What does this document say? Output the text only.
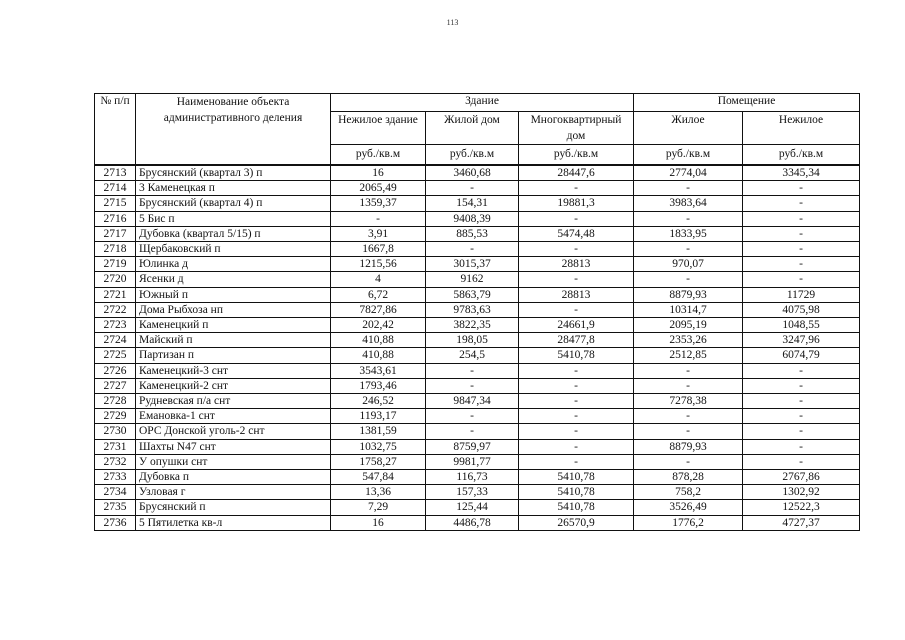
113
№ п/п	Наименование объекта административного деления	Здание			Помещение	
		Нежилое здание	Жилой дом	Многоквартирный дом	Жилое	Нежилое
		руб./кв.м	руб./кв.м	руб./кв.м	руб./кв.м	руб./кв.м
2713	Брусянский (квартал 3) п	16	3460,68	28447,6	2774,04	3345,34
2714	3 Каменецкая п	2065,49	-	-	-	-
2715	Брусянский (квартал 4) п	1359,37	154,31	19881,3	3983,64	-
2716	5 Бис п	-	9408,39	-	-	-
2717	Дубовка (квартал 5/15) п	3,91	885,53	5474,48	1833,95	-
2718	Щербаковский п	1667,8	-	-	-	-
2719	Юлинка д	1215,56	3015,37	28813	970,07	-
2720	Ясенки д	4	9162	-	-	-
2721	Южный п	6,72	5863,79	28813	8879,93	11729
2722	Дома Рыбхоза нп	7827,86	9783,63	-	10314,7	4075,98
2723	Каменецкий п	202,42	3822,35	24661,9	2095,19	1048,55
2724	Майский п	410,88	198,05	28477,8	2353,26	3247,96
2725	Партизан п	410,88	254,5	5410,78	2512,85	6074,79
2726	Каменецкий-3 снт	3543,61	-	-	-	-
2727	Каменецкий-2 снт	1793,46	-	-	-	-
2728	Рудневская п/а снт	246,52	9847,34	-	7278,38	-
2729	Емановка-1 снт	1193,17	-	-	-	-
2730	ОРС Донской уголь-2 снт	1381,59	-	-	-	-
2731	Шахты N47 снт	1032,75	8759,97	-	8879,93	-
2732	У опушки снт	1758,27	9981,77	-	-	-
2733	Дубовка п	547,84	116,73	5410,78	878,28	2767,86
2734	Узловая г	13,36	157,33	5410,78	758,2	1302,92
2735	Брусянский п	7,29	125,44	5410,78	3526,49	12522,3
2736	5 Пятилетка кв-л	16	4486,78	26570,9	1776,2	4727,37
